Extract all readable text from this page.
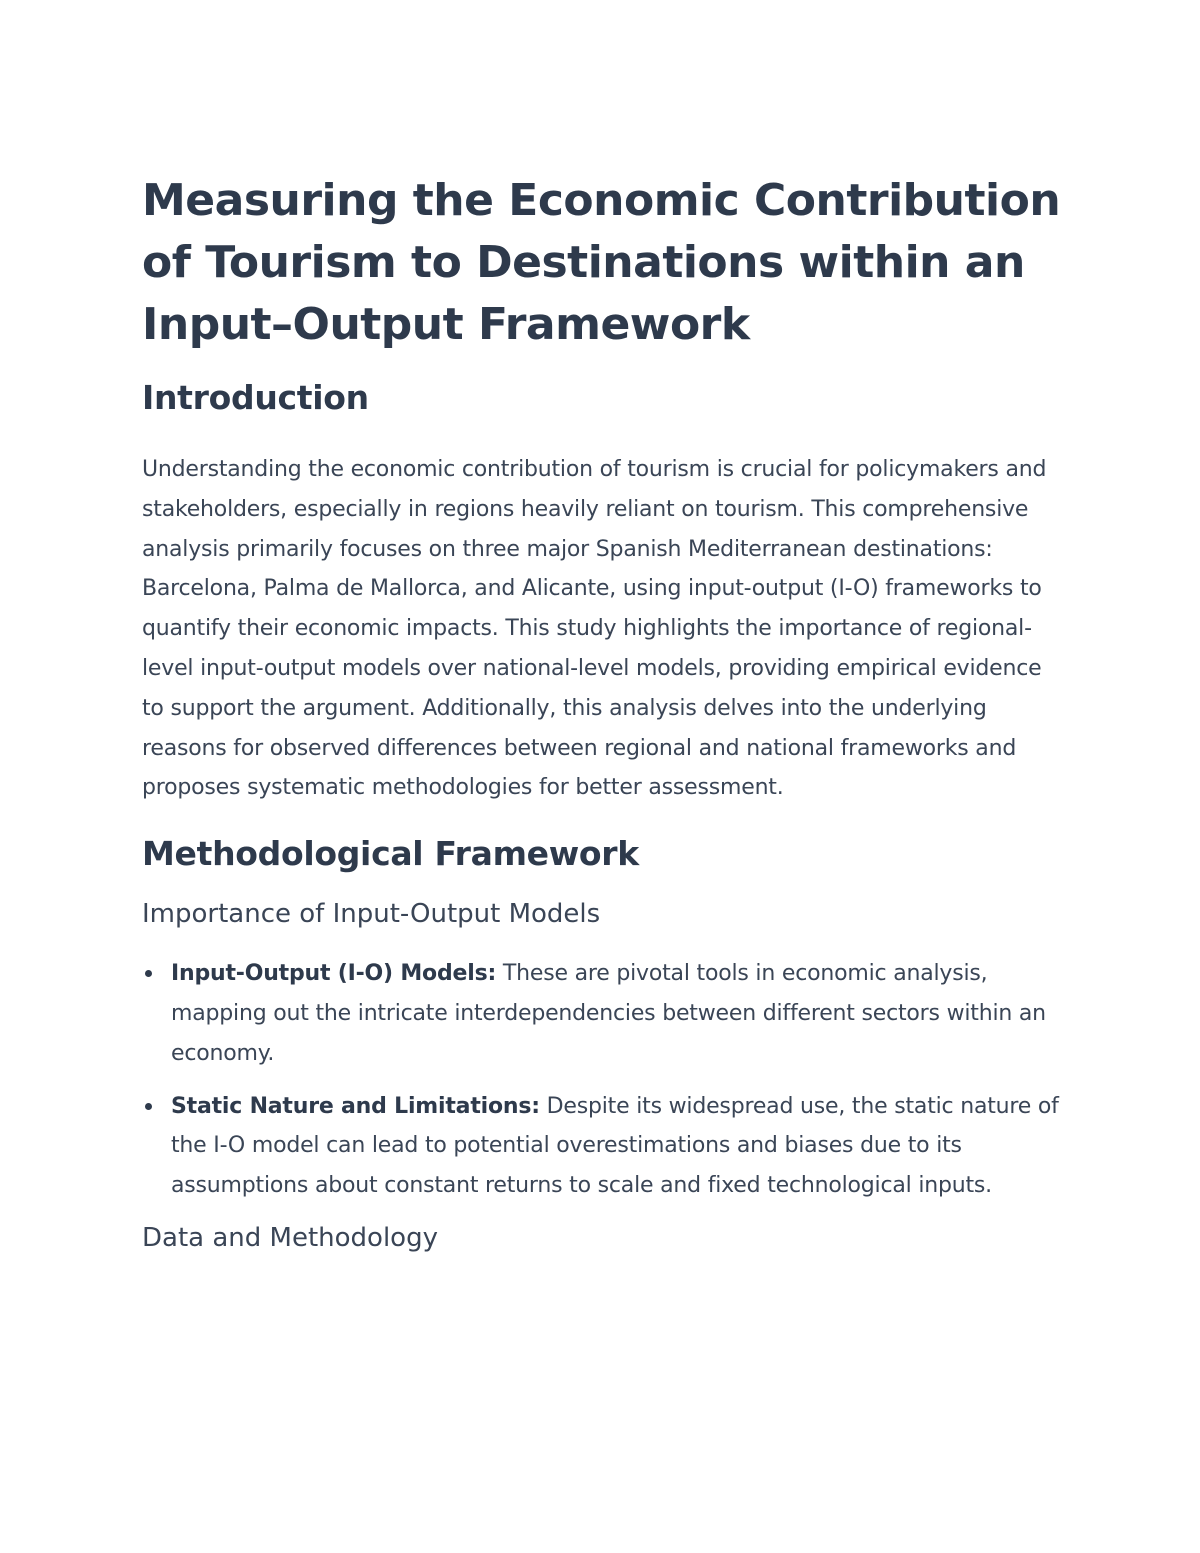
Measuring the Economic Contribution of Tourism to Destinations within an Input–Output Framework
Introduction

Understanding the economic contribution of tourism is crucial for policymakers and stakeholders, especially in regions heavily reliant on tourism. This comprehensive analysis primarily focuses on three major Spanish Mediterranean destinations: Barcelona, Palma de Mallorca, and Alicante, using input-output (I-O) frameworks to quantify their economic impacts. This study highlights the importance of regional-level input-output models over national-level models, providing empirical evidence to support the argument. Additionally, this analysis delves into the underlying reasons for observed differences between regional and national frameworks and proposes systematic methodologies for better assessment.

Methodological Framework
Importance of Input-Output Models
Input-Output (I-O) Models: These are pivotal tools in economic analysis, mapping out the intricate interdependencies between different sectors within an economy.
Static Nature and Limitations: Despite its widespread use, the static nature of the I-O model can lead to potential overestimations and biases due to its assumptions about constant returns to scale and fixed technological inputs.
Data and Methodology
